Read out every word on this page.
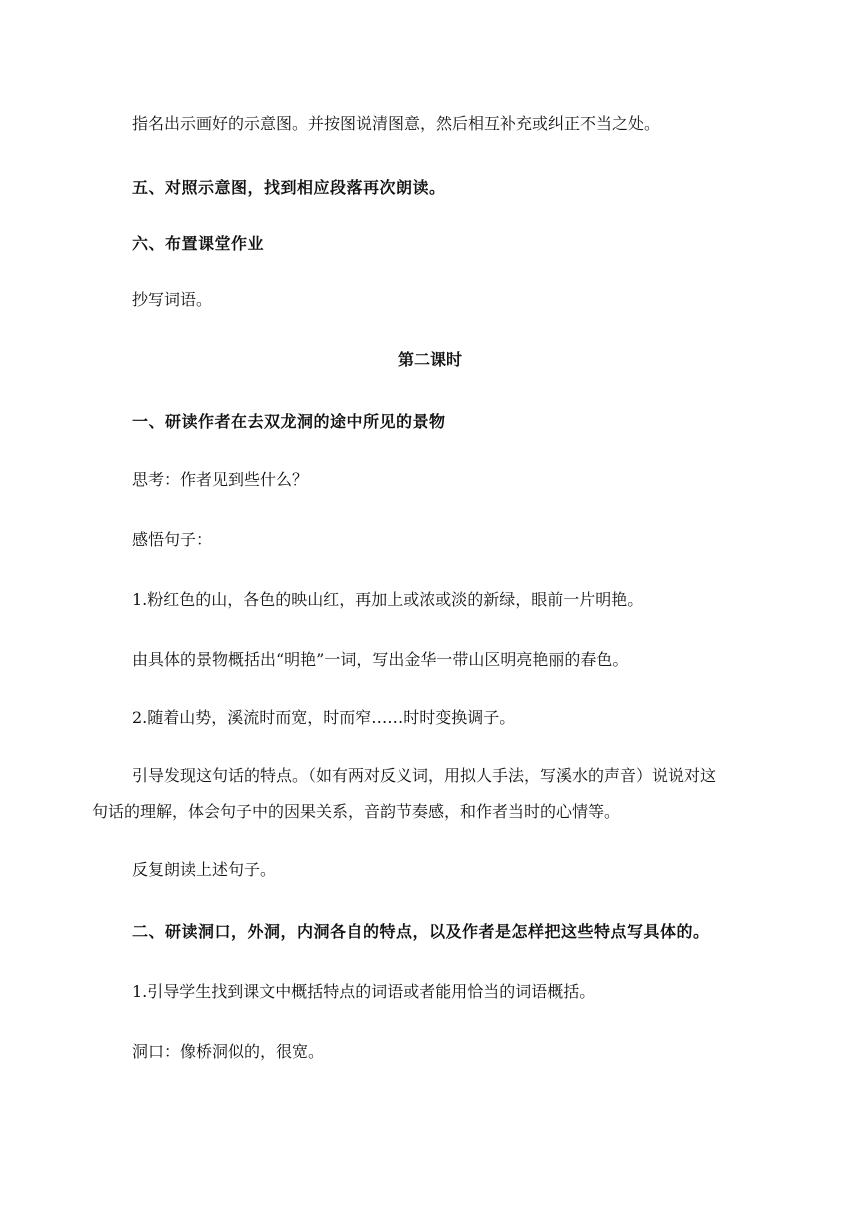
指名出示画好的示意图。并按图说清图意，然后相互补充或纠正不当之处。
五、对照示意图，找到相应段落再次朗读。
六、布置课堂作业
抄写词语。
第二课时
一、研读作者在去双龙洞的途中所见的景物
思考：作者见到些什么？
感悟句子：
1.粉红色的山，各色的映山红，再加上或浓或淡的新绿，眼前一片明艳。
由具体的景物概括出“明艳”一词，写出金华一带山区明亮艳丽的春色。
2.随着山势，溪流时而宽，时而窄……时时变换调子。
引导发现这句话的特点。（如有两对反义词，用拟人手法，写溪水的声音）说说对这
句话的理解，体会句子中的因果关系，音韵节奏感，和作者当时的心情等。
反复朗读上述句子。
二、研读洞口，外洞，内洞各自的特点，以及作者是怎样把这些特点写具体的。
1.引导学生找到课文中概括特点的词语或者能用恰当的词语概括。
洞口：像桥洞似的，很宽。
